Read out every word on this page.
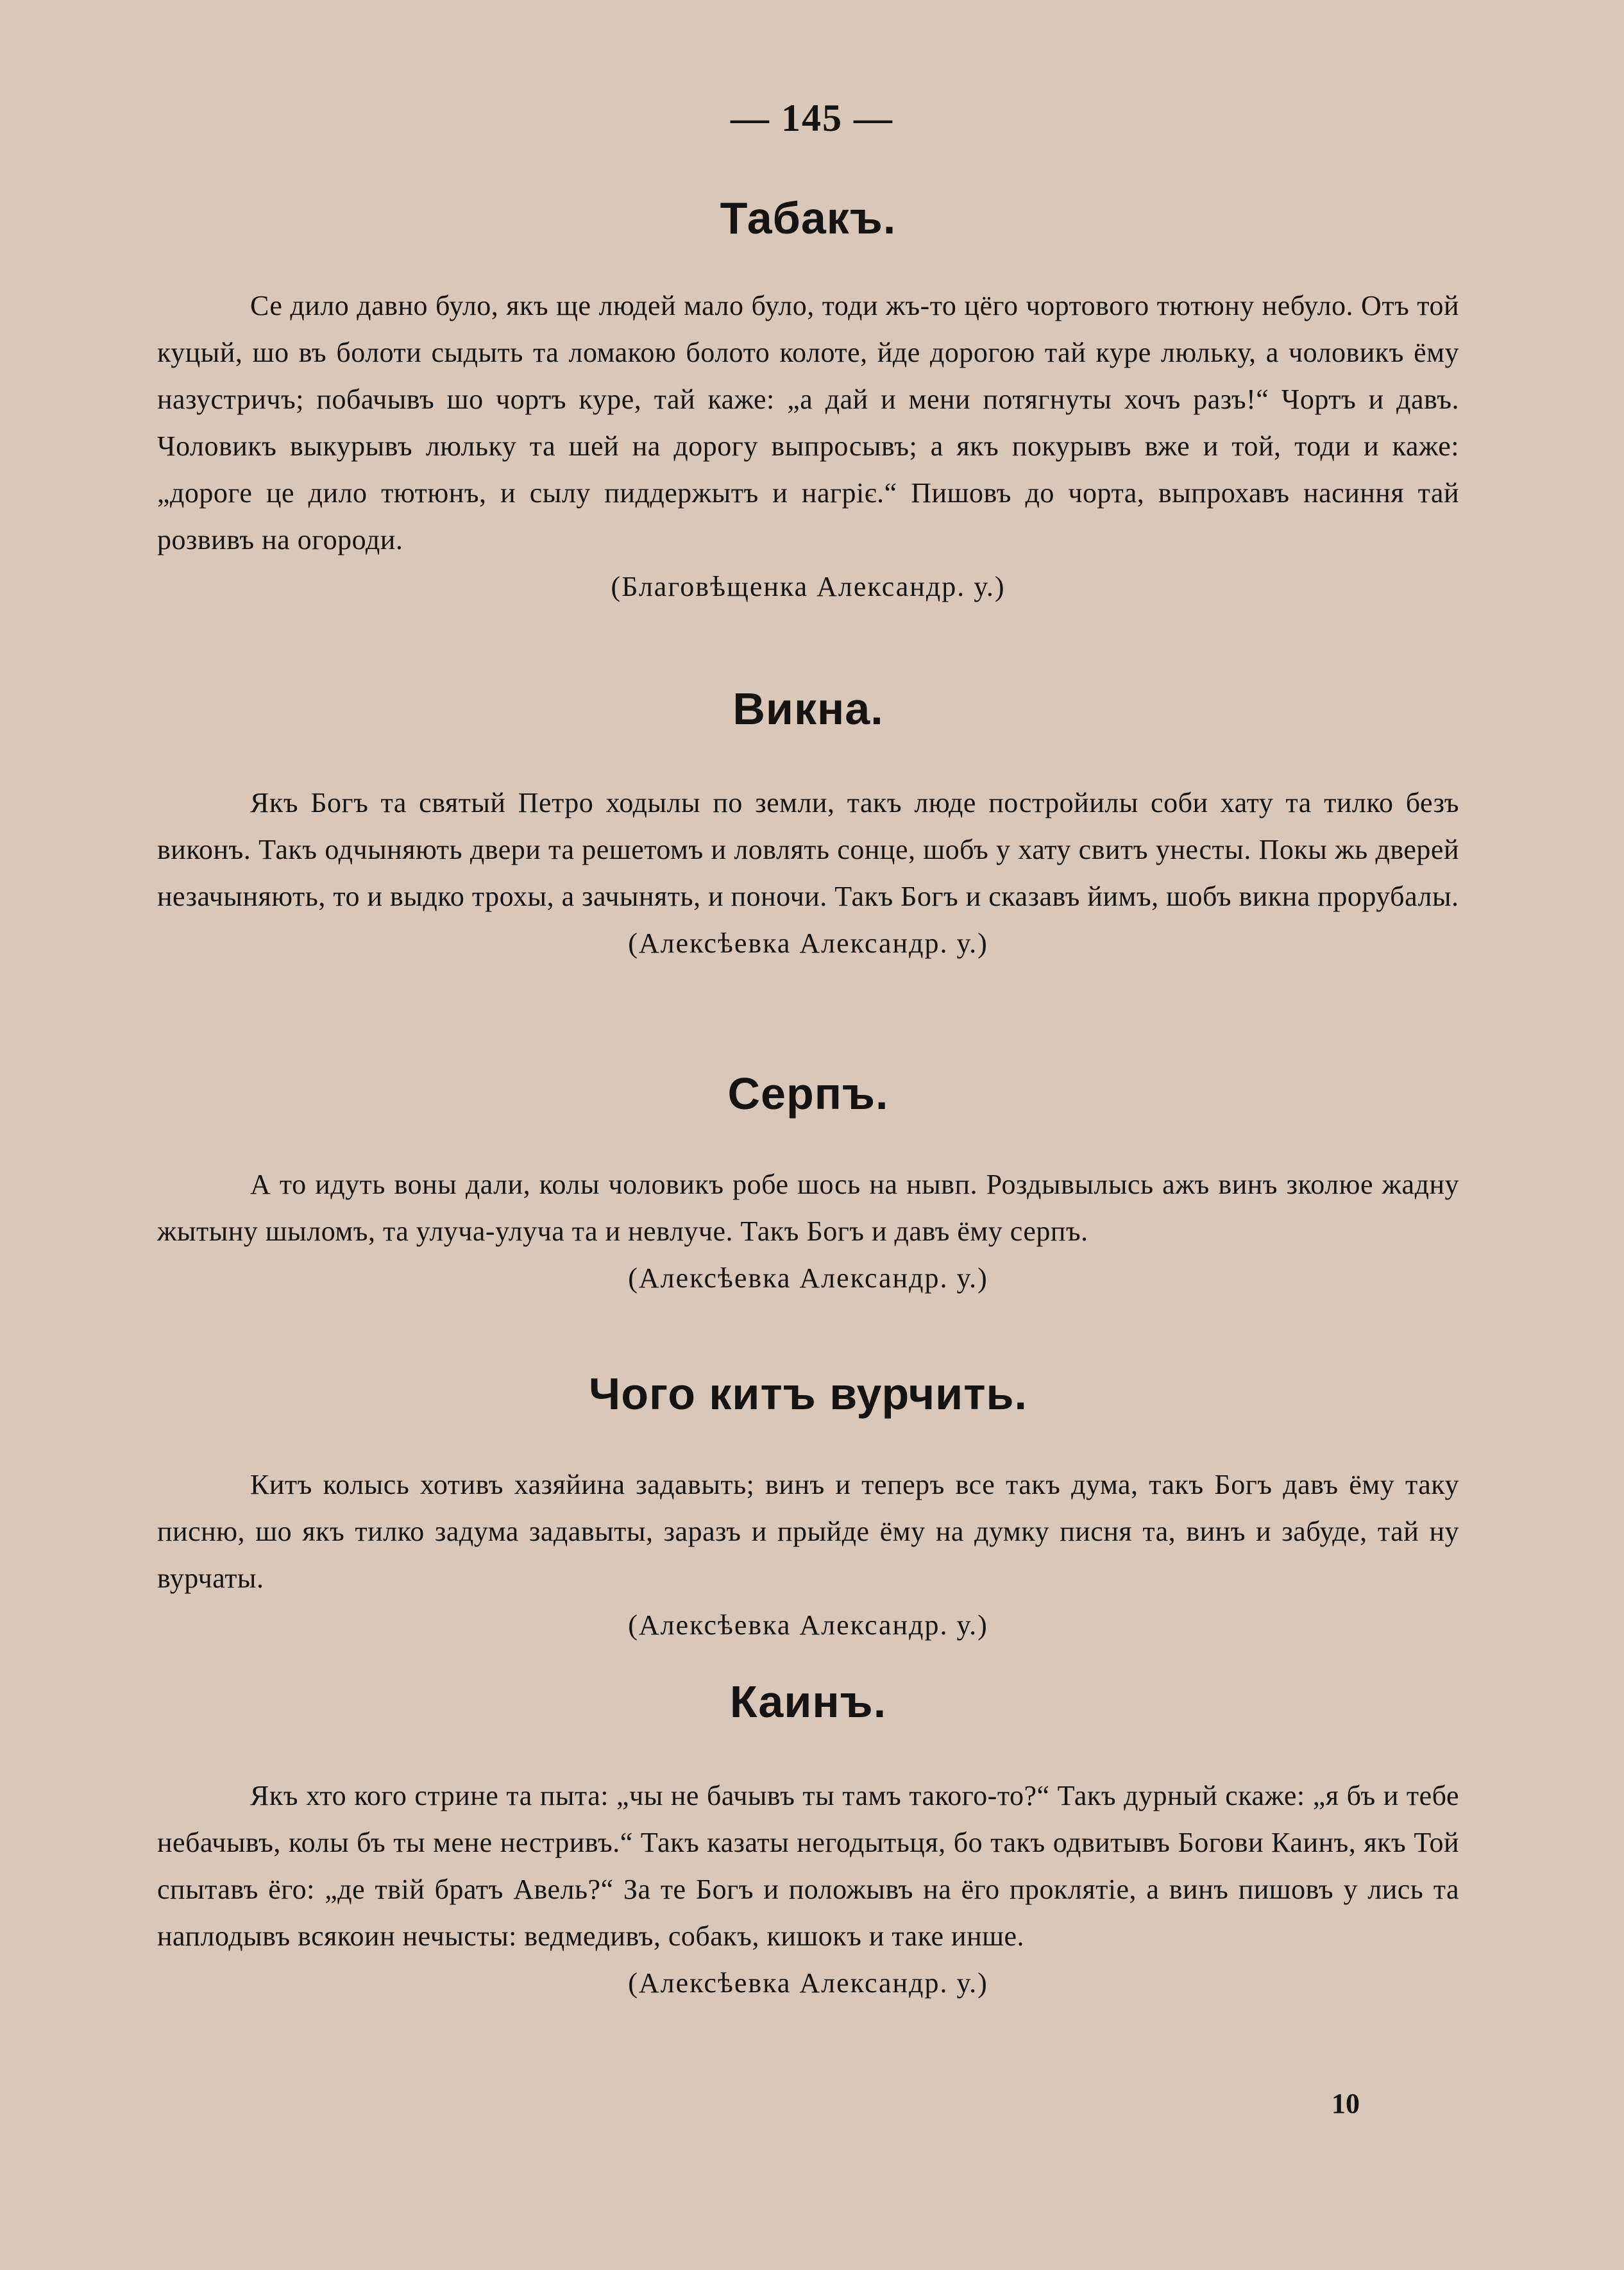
— 145 —
Табакъ.

Се дило давно було, якъ ще людей мало було, тоди жъ-то цёго чортового тютюну небуло. Отъ той куцый, шо въ болоти сыдыть та ломакою болото колоте, йде дорогою тай куре люльку, а чоловикъ ёму назустричъ; побачывъ шо чортъ куре, тай каже: „а дай и мени потягнуты хочъ разъ!“ Чортъ и давъ. Чоловикъ выкурывъ люльку та шей на дорогу выпросывъ; а якъ покурывъ вже и той, тоди и каже: „дороге це дило тютюнъ, и сылу пиддержытъ и нагріє.“ Пишовъ до чорта, выпрохавъ насиння тай розвивъ на огороди.

(Благовѣщенка Александр. у.)

Викна.

Якъ Богъ та святый Петро ходылы по земли, такъ люде постройилы соби хату та тилко безъ виконъ. Такъ одчыняють двери та решетомъ и ловлять сонце, шобъ у хату свитъ унесты. Покы жь дверей незачыняють, то и выдко трохы, а зачынять, и поночи. Такъ Богъ и сказавъ йимъ, шобъ викна прорубалы.

(Алексѣевка Александр. у.)

Серпъ.

А то идуть воны дали, колы чоловикъ робе шось на нывп. Роздывылысь ажъ винъ зколюе жадну жытыну шыломъ, та улуча-улуча та и невлуче. Такъ Богъ и давъ ёму серпъ.

(Алексѣевка Александр. у.)

Чого китъ вурчить.

Китъ колысь хотивъ хазяйина задавыть; винъ и теперъ все такъ дума, такъ Богъ давъ ёму таку писню, шо якъ тилко задума задавыты, заразъ и прыйде ёму на думку писня та, винъ и забуде, тай ну вурчаты.

(Алексѣевка Александр. у.)

Каинъ.

Якъ хто кого стрине та пыта: „чы не бачывъ ты тамъ такого-то?“ Такъ дурный скаже: „я бъ и тебе небачывъ, колы бъ ты мене нестривъ.“ Такъ казаты негодытьця, бо такъ одвитывъ Богови Каинъ, якъ Той спытавъ ёго: „де твій братъ Авель?“ За те Богъ и положывъ на ёго проклятіе, а винъ пишовъ у лись та наплодывъ всякоин нечысты: ведмедивъ, собакъ, кишокъ и таке инше.

(Алексѣевка Александр. у.)

10
